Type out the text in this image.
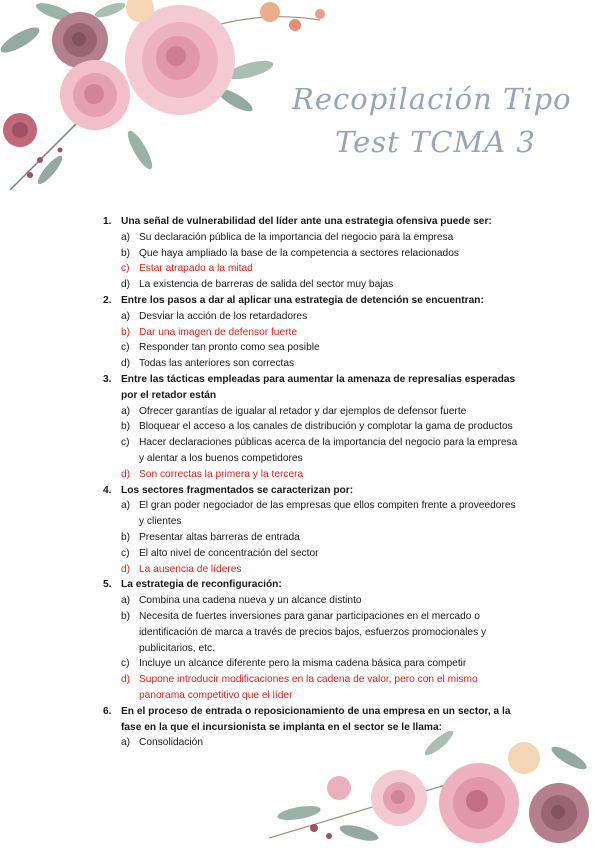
Recopilación Tipo
Test TCMA 3
1. Una señal de vulnerabilidad del líder ante una estrategia ofensiva puede ser:
a) Su declaración pública de la importancia del negocio para la empresa
b) Que haya ampliado la base de la competencia a sectores relacionados
c) Estar atrapado a la mitad
d) La existencia de barreras de salida del sector muy bajas
2. Entre los pasos a dar al aplicar una estrategia de detención se encuentran:
a) Desviar la acción de los retardadores
b) Dar una imagen de defensor fuerte
c) Responder tan pronto como sea posible
d) Todas las anteriores son correctas
3. Entre las tácticas empleadas para aumentar la amenaza de represalias esperadas por el retador están
a) Ofrecer garantías de igualar al retador y dar ejemplos de defensor fuerte
b) Bloquear el acceso a los canales de distribución y complotar la gama de productos
c) Hacer declaraciones públicas acerca de la importancia del negocio para la empresa y alentar a los buenos competidores
d) Son correctas la primera y la tercera
4. Los sectores fragmentados se caracterizan por:
a) El gran poder negociador de las empresas que ellos compiten frente a proveedores y clientes
b) Presentar altas barreras de entrada
c) El alto nivel de concentración del sector
d) La ausencia de líderes
5. La estrategia de reconfiguración:
a) Combina una cadena nueva y un alcance distinto
b) Necesita de fuertes inversiones para ganar participaciones en el mercado o identificación de marca a través de precios bajos, esfuerzos promocionales y publicitarios, etc.
c) Incluye un alcance diferente pero la misma cadena básica para competir
d) Supone introducir modificaciones en la cadena de valor, pero con el mismo panorama competitivo que el líder
6. En el proceso de entrada o reposicionamiento de una empresa en un sector, a la fase en la que el incursionista se implanta en el sector se le llama:
a) Consolidación
